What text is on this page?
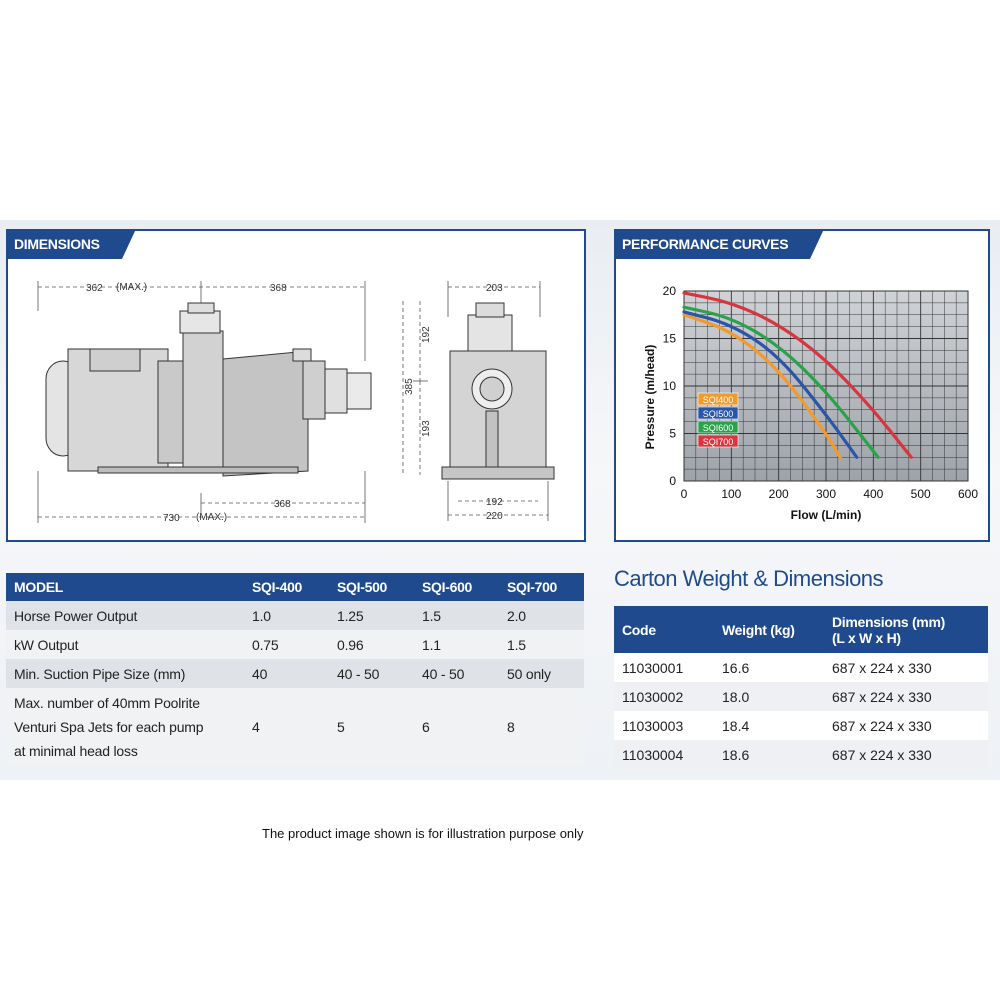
DIMENSIONS
362 (MAX.)	368
368
730 (MAX.)
203
192
385
193
192
220
PERFORMANCE CURVES
0	100 200 300 400 500 600
0
5
10
15
20
SQI400
SQI500
SQI600
SQI700
Pressure (m/head)
Flow (L/min)
MODEL	SQI-400	SQI-500	SQI-600	SQI-700
Horse Power Output	1.0	1.25	1.5	2.0
kW Output	0.75	0.96	1.1	1.5
Min. Suction Pipe Size (mm)	40	40 - 50	40 - 50	50 only

Max. number of 40mm Poolrite
Venturi Spa Jets for each pump
at minimal head loss	4	5	6	8
Carton Weight & Dimensions
Code	Weight (kg)	Dimensions (mm)
(L x W x H)

11030001	16.6	687 x 224 x 330
11030002	18.0	687 x 224 x 330
11030003	18.4	687 x 224 x 330
11030004	18.6	687 x 224 x 330
The product image shown is for illustration purpose only
